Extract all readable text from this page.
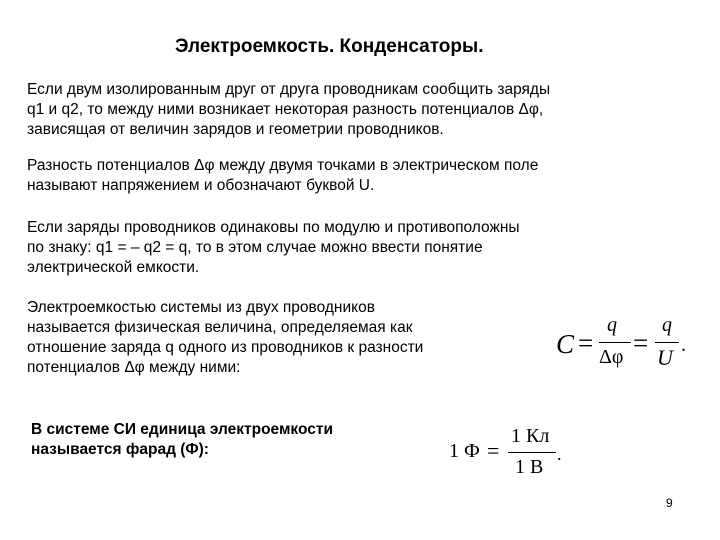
Электроемкость. Конденсаторы.
Если двум изолированным друг от друга проводникам сообщить заряды
q1 и q2, то между ними возникает некоторая разность потенциалов Δφ,
зависящая от величин зарядов и геометрии проводников.
Разность потенциалов Δφ между двумя точками в электрическом поле
называют напряжением и обозначают буквой U.
Если заряды проводников одинаковы по модулю и противоположны
по знаку: q1 = – q2 = q, то в этом случае можно ввести понятие
электрической емкости.
Электроемкостью системы из двух проводников
называется физическая величина, определяемая как
отношение заряда q одного из проводников к разности
потенциалов Δφ между ними:
В системе СИ единица электроемкости
называется фарад (Ф):
C =
q
Δφ =
q
U .
1 Ф =
1 Кл
1 В
.
9
